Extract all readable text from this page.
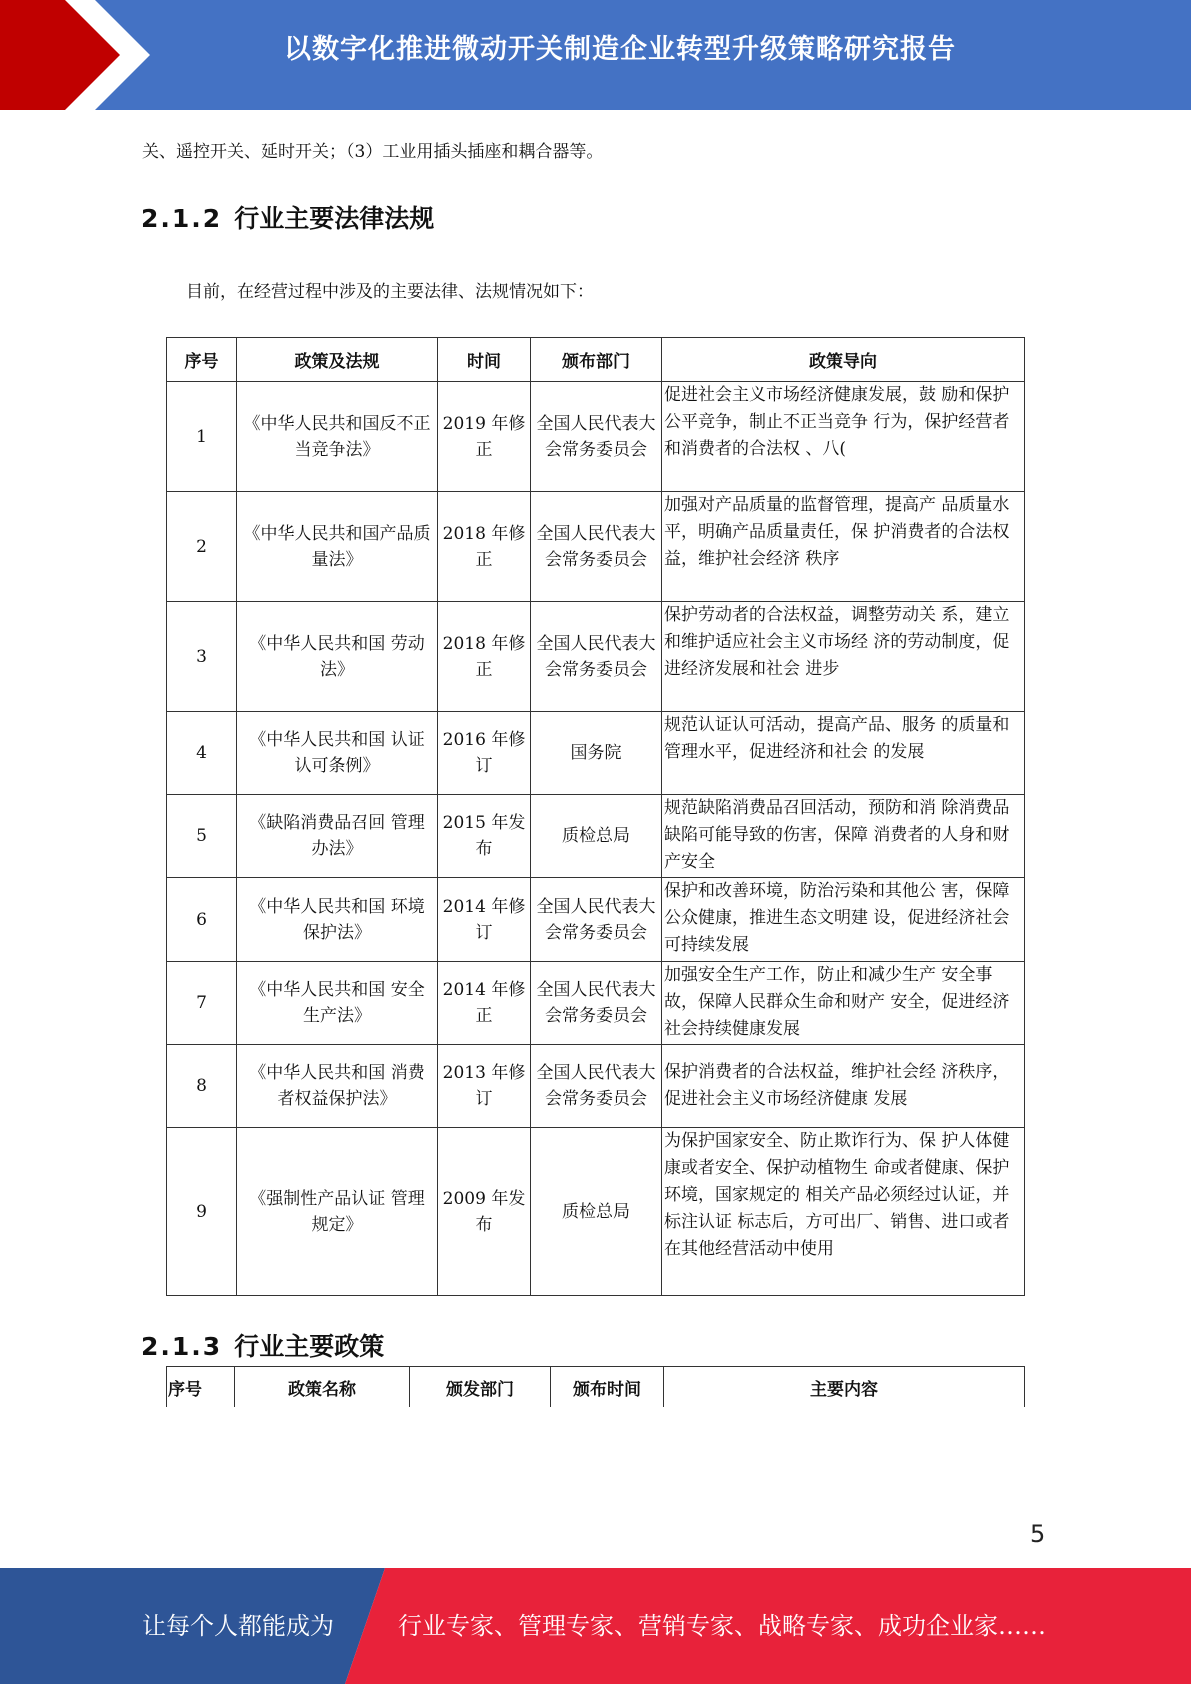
以数字化推进微动开关制造企业转型升级策略研究报告
关、遥控开关、延时开关；（3）工业用插头插座和耦合器等。
2.1.2 行业主要法律法规
目前，在经营过程中涉及的主要法律、法规情况如下：
序号	政策及法规	时间	颁布部门	政策导向
1	《中华人民共和国反不正当竞争法》	2019 年修正	全国人民代表大会常务委员会	促进社会主义市场经济健康发展，鼓 励和保护公平竞争，制止不正当竞争 行为，保护经营者和消费者的合法权 、八(
2	《中华人民共和国产品质量法》	2018 年修正	全国人民代表大会常务委员会	加强对产品质量的监督管理，提高产 品质量水平，明确产品质量责任，保 护消费者的合法权益，维护社会经济 秩序
3	《中华人民共和国 劳动法》	2018 年修正	全国人民代表大会常务委员会	保护劳动者的合法权益，调整劳动关 系，建立和维护适应社会主义市场经 济的劳动制度，促进经济发展和社会 进步
4	《中华人民共和国 认证认可条例》	2016 年修订	国务院	规范认证认可活动，提高产品、服务 的质量和管理水平，促进经济和社会 的发展
5	《缺陷消费品召回 管理办法》	2015 年发布	质检总局	规范缺陷消费品召回活动，预防和消 除消费品缺陷可能导致的伤害，保障 消费者的人身和财产安全
6	《中华人民共和国 环境保护法》	2014 年修订	全国人民代表大会常务委员会	保护和改善环境，防治污染和其他公 害，保障公众健康，推进生态文明建 设，促进经济社会可持续发展
7	《中华人民共和国 安全生产法》	2014 年修正	全国人民代表大会常务委员会	加强安全生产工作，防止和减少生产 安全事故，保障人民群众生命和财产 安全，促进经济社会持续健康发展
8	《中华人民共和国 消费者权益保护法》	2013 年修订	全国人民代表大会常务委员会	保护消费者的合法权益，维护社会经 济秩序，促进社会主义市场经济健康 发展
9	《强制性产品认证 管理规定》	2009 年发布	质检总局	为保护国家安全、防止欺诈行为、保 护人体健康或者安全、保护动植物生 命或者健康、保护环境，国家规定的 相关产品必须经过认证，并标注认证 标志后，方可出厂、销售、进口或者 在其他经营活动中使用
2.1.3 行业主要政策
序号	政策名称	颁发部门	颁布时间	主要内容
5
让每个人都能成为	行业专家、管理专家、营销专家、战略专家、成功企业家……
